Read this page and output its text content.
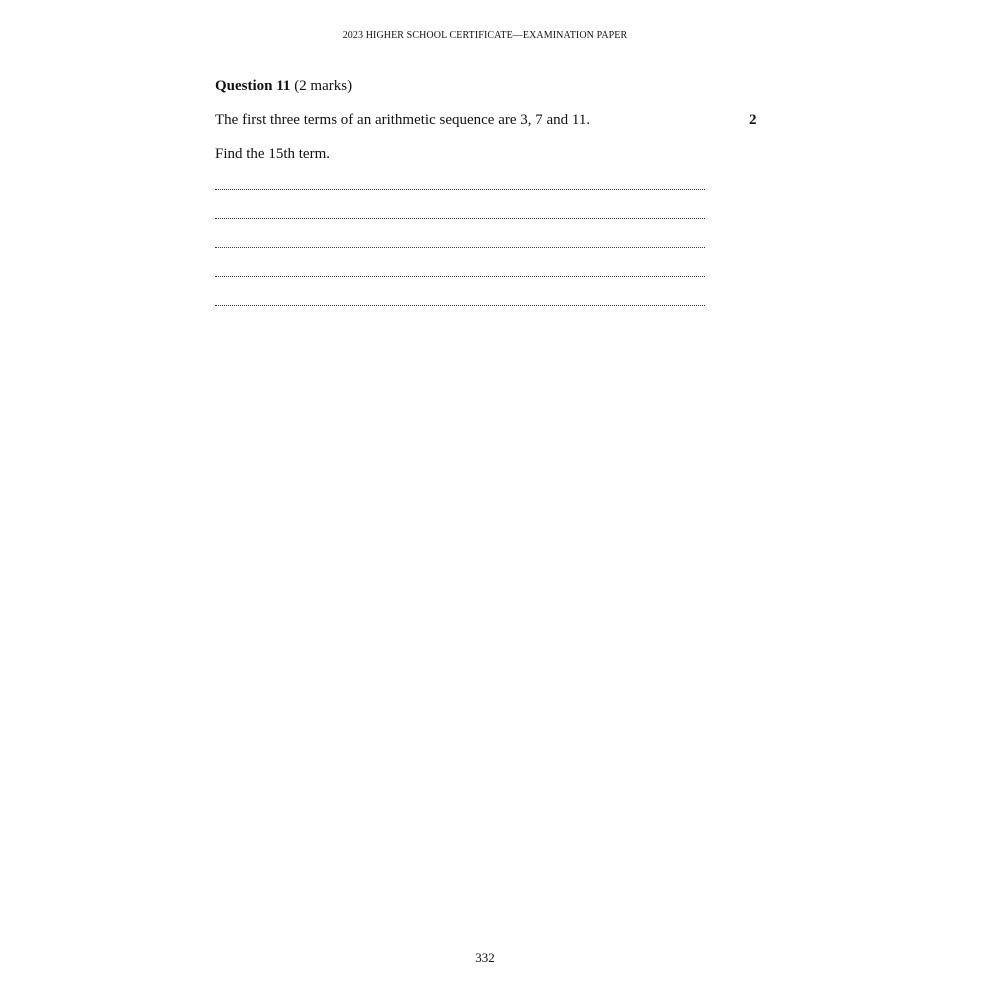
2023 HIGHER SCHOOL CERTIFICATE—EXAMINATION PAPER
Question 11 (2 marks)
The first three terms of an arithmetic sequence are 3, 7 and 11.	2
Find the 15th term.
332
